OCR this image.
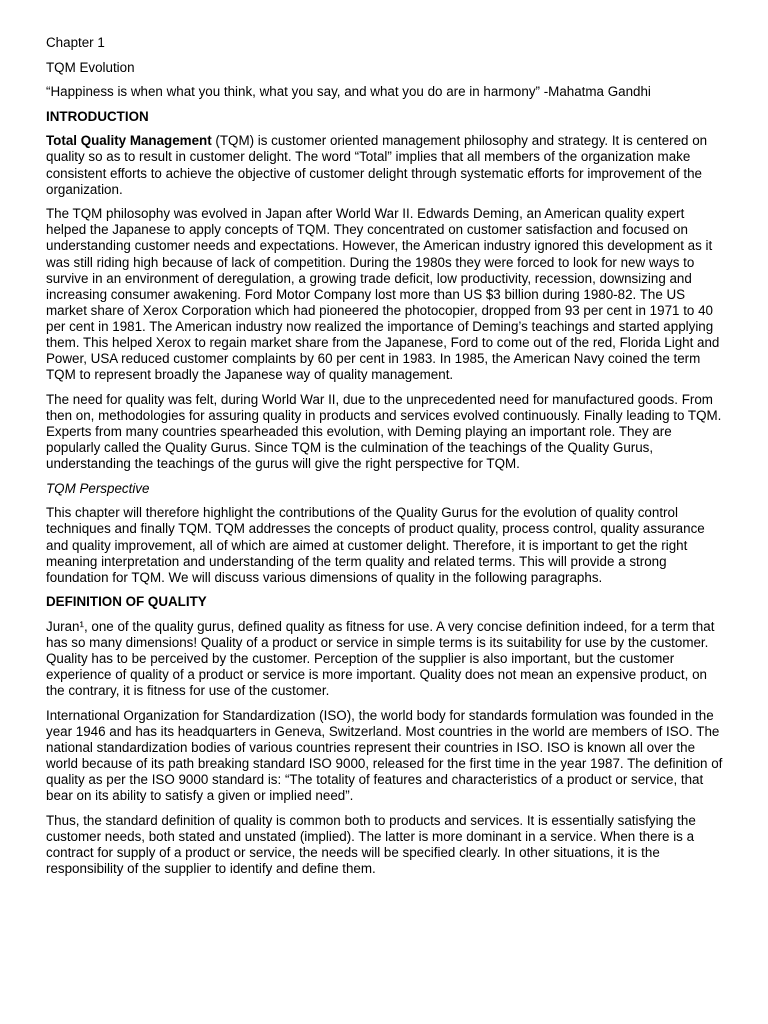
Chapter 1

TQM Evolution

“Happiness is when what you think, what you say, and what you do are in harmony” -Mahatma Gandhi

INTRODUCTION

Total Quality Management (TQM) is customer oriented management philosophy and strategy. It is centered on quality so as to result in customer delight. The word “Total” implies that all members of the organization make consistent efforts to achieve the objective of customer delight through systematic efforts for improvement of the organization.

The TQM philosophy was evolved in Japan after World War II. Edwards Deming, an American quality expert helped the Japanese to apply concepts of TQM. They concentrated on customer satisfaction and focused on understanding customer needs and expectations. However, the American industry ignored this development as it was still riding high because of lack of competition. During the 1980s they were forced to look for new ways to survive in an environment of deregulation, a growing trade deficit, low productivity, recession, downsizing and increasing consumer awakening. Ford Motor Company lost more than US $3 billion during 1980-82. The US market share of Xerox Corporation which had pioneered the photocopier, dropped from 93 per cent in 1971 to 40 per cent in 1981. The American industry now realized the importance of Deming’s teachings and started applying them. This helped Xerox to regain market share from the Japanese, Ford to come out of the red, Florida Light and Power, USA reduced customer complaints by 60 per cent in 1983. In 1985, the American Navy coined the term TQM to represent broadly the Japanese way of quality management.

The need for quality was felt, during World War II, due to the unprecedented need for manufactured goods. From then on, methodologies for assuring quality in products and services evolved continuously. Finally leading to TQM. Experts from many countries spearheaded this evolution, with Deming playing an important role. They are popularly called the Quality Gurus. Since TQM is the culmination of the teachings of the Quality Gurus, understanding the teachings of the gurus will give the right perspective for TQM.

TQM Perspective

This chapter will therefore highlight the contributions of the Quality Gurus for the evolution of quality control techniques and finally TQM. TQM addresses the concepts of product quality, process control, quality assurance and quality improvement, all of which are aimed at customer delight. Therefore, it is important to get the right meaning interpretation and understanding of the term quality and related terms. This will provide a strong foundation for TQM. We will discuss various dimensions of quality in the following paragraphs.

DEFINITION OF QUALITY

Juran¹, one of the quality gurus, defined quality as fitness for use. A very concise definition indeed, for a term that has so many dimensions! Quality of a product or service in simple terms is its suitability for use by the customer. Quality has to be perceived by the customer. Perception of the supplier is also important, but the customer experience of quality of a product or service is more important. Quality does not mean an expensive product, on the contrary, it is fitness for use of the customer.

International Organization for Standardization (ISO), the world body for standards formulation was founded in the year 1946 and has its headquarters in Geneva, Switzerland. Most countries in the world are members of ISO. The national standardization bodies of various countries represent their countries in ISO. ISO is known all over the world because of its path breaking standard ISO 9000, released for the first time in the year 1987. The definition of quality as per the ISO 9000 standard is: “The totality of features and characteristics of a product or service, that bear on its ability to satisfy a given or implied need”.

Thus, the standard definition of quality is common both to products and services. It is essentially satisfying the customer needs, both stated and unstated (implied). The latter is more dominant in a service. When there is a contract for supply of a product or service, the needs will be specified clearly. In other situations, it is the responsibility of the supplier to identify and define them.
